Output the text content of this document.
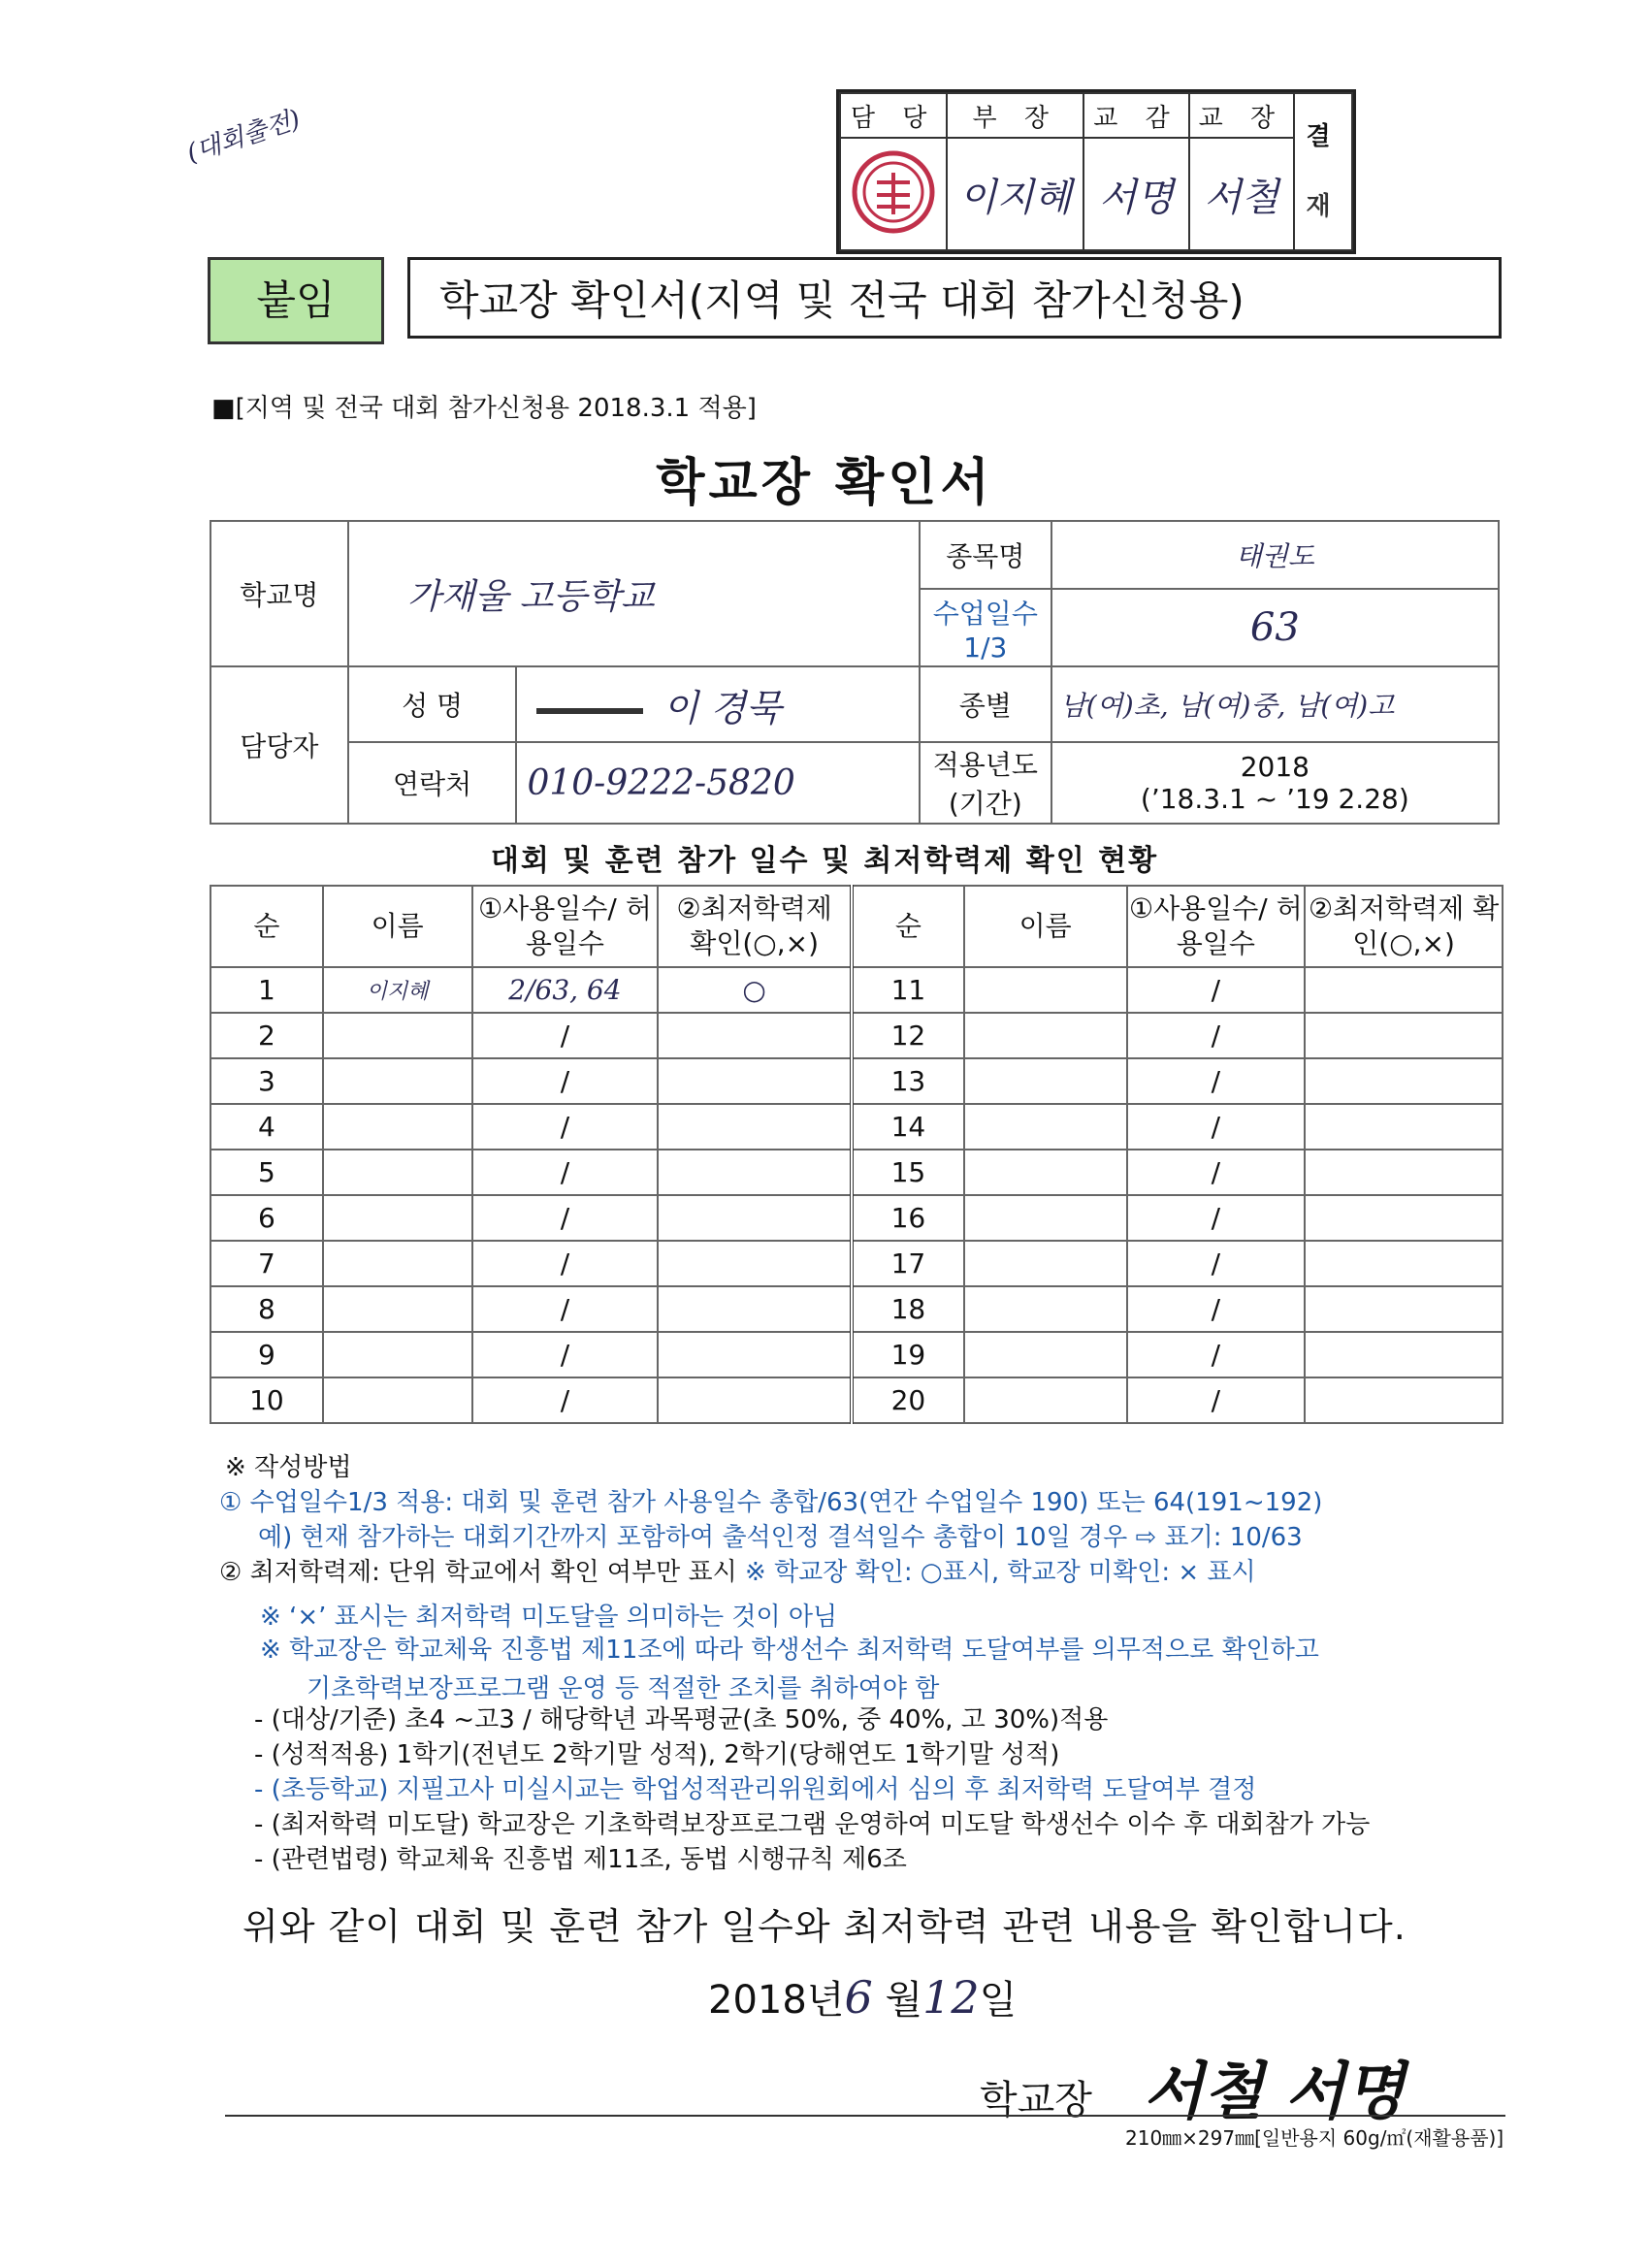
(대회출전)	담 당	부 장	교 감	교 장	결
재

	이지혜	서명	서철	
붙임	학교장 확인서(지역 및 전국 대회 참가신청용)
■[지역 및 전국 대회 참가신청용 2018.3.1 적용]
학교장 확인서
학교명	가재울 고등학교		종목명	태권도
			수업일수 1/3	63
담당자	성 명	이 경묵	종별	남(여)초, 남(여)중, 남(여)고
	연락처	010-9222-5820	적용년도 (기간)	2018
(’18.3.1 ~ ’19 2.28)
대회 및 훈련 참가 일수 및 최저학력제 확인 현황
순	이름	①사용일수/ 허용일수	②최저학력제 확인(○,×)	순	이름	①사용일수/ 허용일수	②최저학력제 확인(○,×)
1	이지혜	2/63, 64	○	11		/	
2		/		12		/	
3		/		13		/	
4		/		14		/	
5		/		15		/	
6		/		16		/	
7		/		17		/	
8		/		18		/	
9		/		19		/	
10		/		20		/	
※ 작성방법
① 수업일수1/3 적용: 대회 및 훈련 참가 사용일수 총합/63(연간 수업일수 190) 또는 64(191~192)
예) 현재 참가하는 대회기간까지 포함하여 출석인정 결석일수 총합이 10일 경우 ⇨ 표기: 10/63
② 최저학력제: 단위 학교에서 확인 여부만 표시 ※ 학교장 확인: ○표시, 학교장 미확인: × 표시
※ ‘×’ 표시는 최저학력 미도달을 의미하는 것이 아님
※ 학교장은 학교체육 진흥법 제11조에 따라 학생선수 최저학력 도달여부를 의무적으로 확인하고
기초학력보장프로그램 운영 등 적절한 조치를 취하여야 함
- (대상/기준) 초4 ~고3 / 해당학년 과목평균(초 50%, 중 40%, 고 30%)적용
- (성적적용) 1학기(전년도 2학기말 성적), 2학기(당해연도 1학기말 성적)
- (초등학교) 지필고사 미실시교는 학업성적관리위원회에서 심의 후 최저학력 도달여부 결정
- (최저학력 미도달) 학교장은 기초학력보장프로그램 운영하여 미도달 학생선수 이수 후 대회참가 가능
- (관련법령) 학교체육 진흥법 제11조, 동법 시행규칙 제6조
위와 같이 대회 및 훈련 참가 일수와 최저학력 관련 내용을 확인합니다.
2018년6 월12일
학교장 서철 서명
210㎜×297㎜[일반용지 60g/㎡(재활용품)]
